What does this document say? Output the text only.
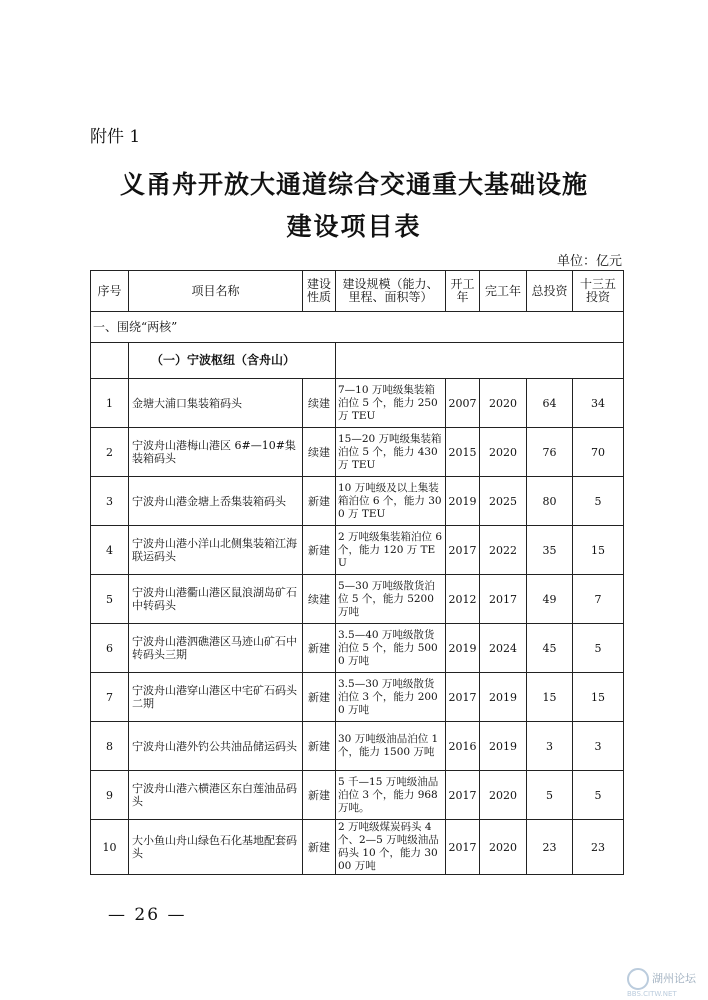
附件 1
义甬舟开放大通道综合交通重大基础设施
建设项目表
单位：亿元
序号	项目名称	建设性质	建设规模（能力、里程、面积等）	开工年	完工年	总投资	十三五投资
一、围绕“两核”							
	（一）宁波枢纽（含舟山）						
1	金塘大浦口集装箱码头	续建	7—10 万吨级集装箱泊位 5 个，能力 250 万 TEU	2007	2020	64	34
2	宁波舟山港梅山港区 6#—10#集装箱码头	续建	15—20 万吨级集装箱泊位 5 个，能力 430 万 TEU	2015	2020	76	70
3	宁波舟山港金塘上岙集装箱码头	新建	10 万吨级及以上集装箱泊位 6 个，能力 300 万 TEU	2019	2025	80	5
4	宁波舟山港小洋山北侧集装箱江海联运码头	新建	2 万吨级集装箱泊位 6 个，能力 120 万 TEU	2017	2022	35	15
5	宁波舟山港衢山港区鼠浪湖岛矿石中转码头	续建	5—30 万吨级散货泊位 5 个，能力 5200 万吨	2012	2017	49	7
6	宁波舟山港泗礁港区马迹山矿石中转码头三期	新建	3.5—40 万吨级散货泊位 5 个，能力 5000 万吨	2019	2024	45	5
7	宁波舟山港穿山港区中宅矿石码头二期	新建	3.5—30 万吨级散货泊位 3 个，能力 2000 万吨	2017	2019	15	15
8	宁波舟山港外钓公共油品储运码头	新建	30 万吨级油品泊位 1 个，能力 1500 万吨	2016	2019	3	3
9	宁波舟山港六横港区东白莲油品码头	新建	5 千—15 万吨级油品泊位 3 个，能力 968 万吨。	2017	2020	5	5
10	大小鱼山舟山绿色石化基地配套码头	新建	2 万吨级煤炭码头 4 个、2—5 万吨级油品码头 10 个，能力 3000 万吨	2017	2020	23	23
— 26 —
湖州论坛
BBS.CITW.NET
